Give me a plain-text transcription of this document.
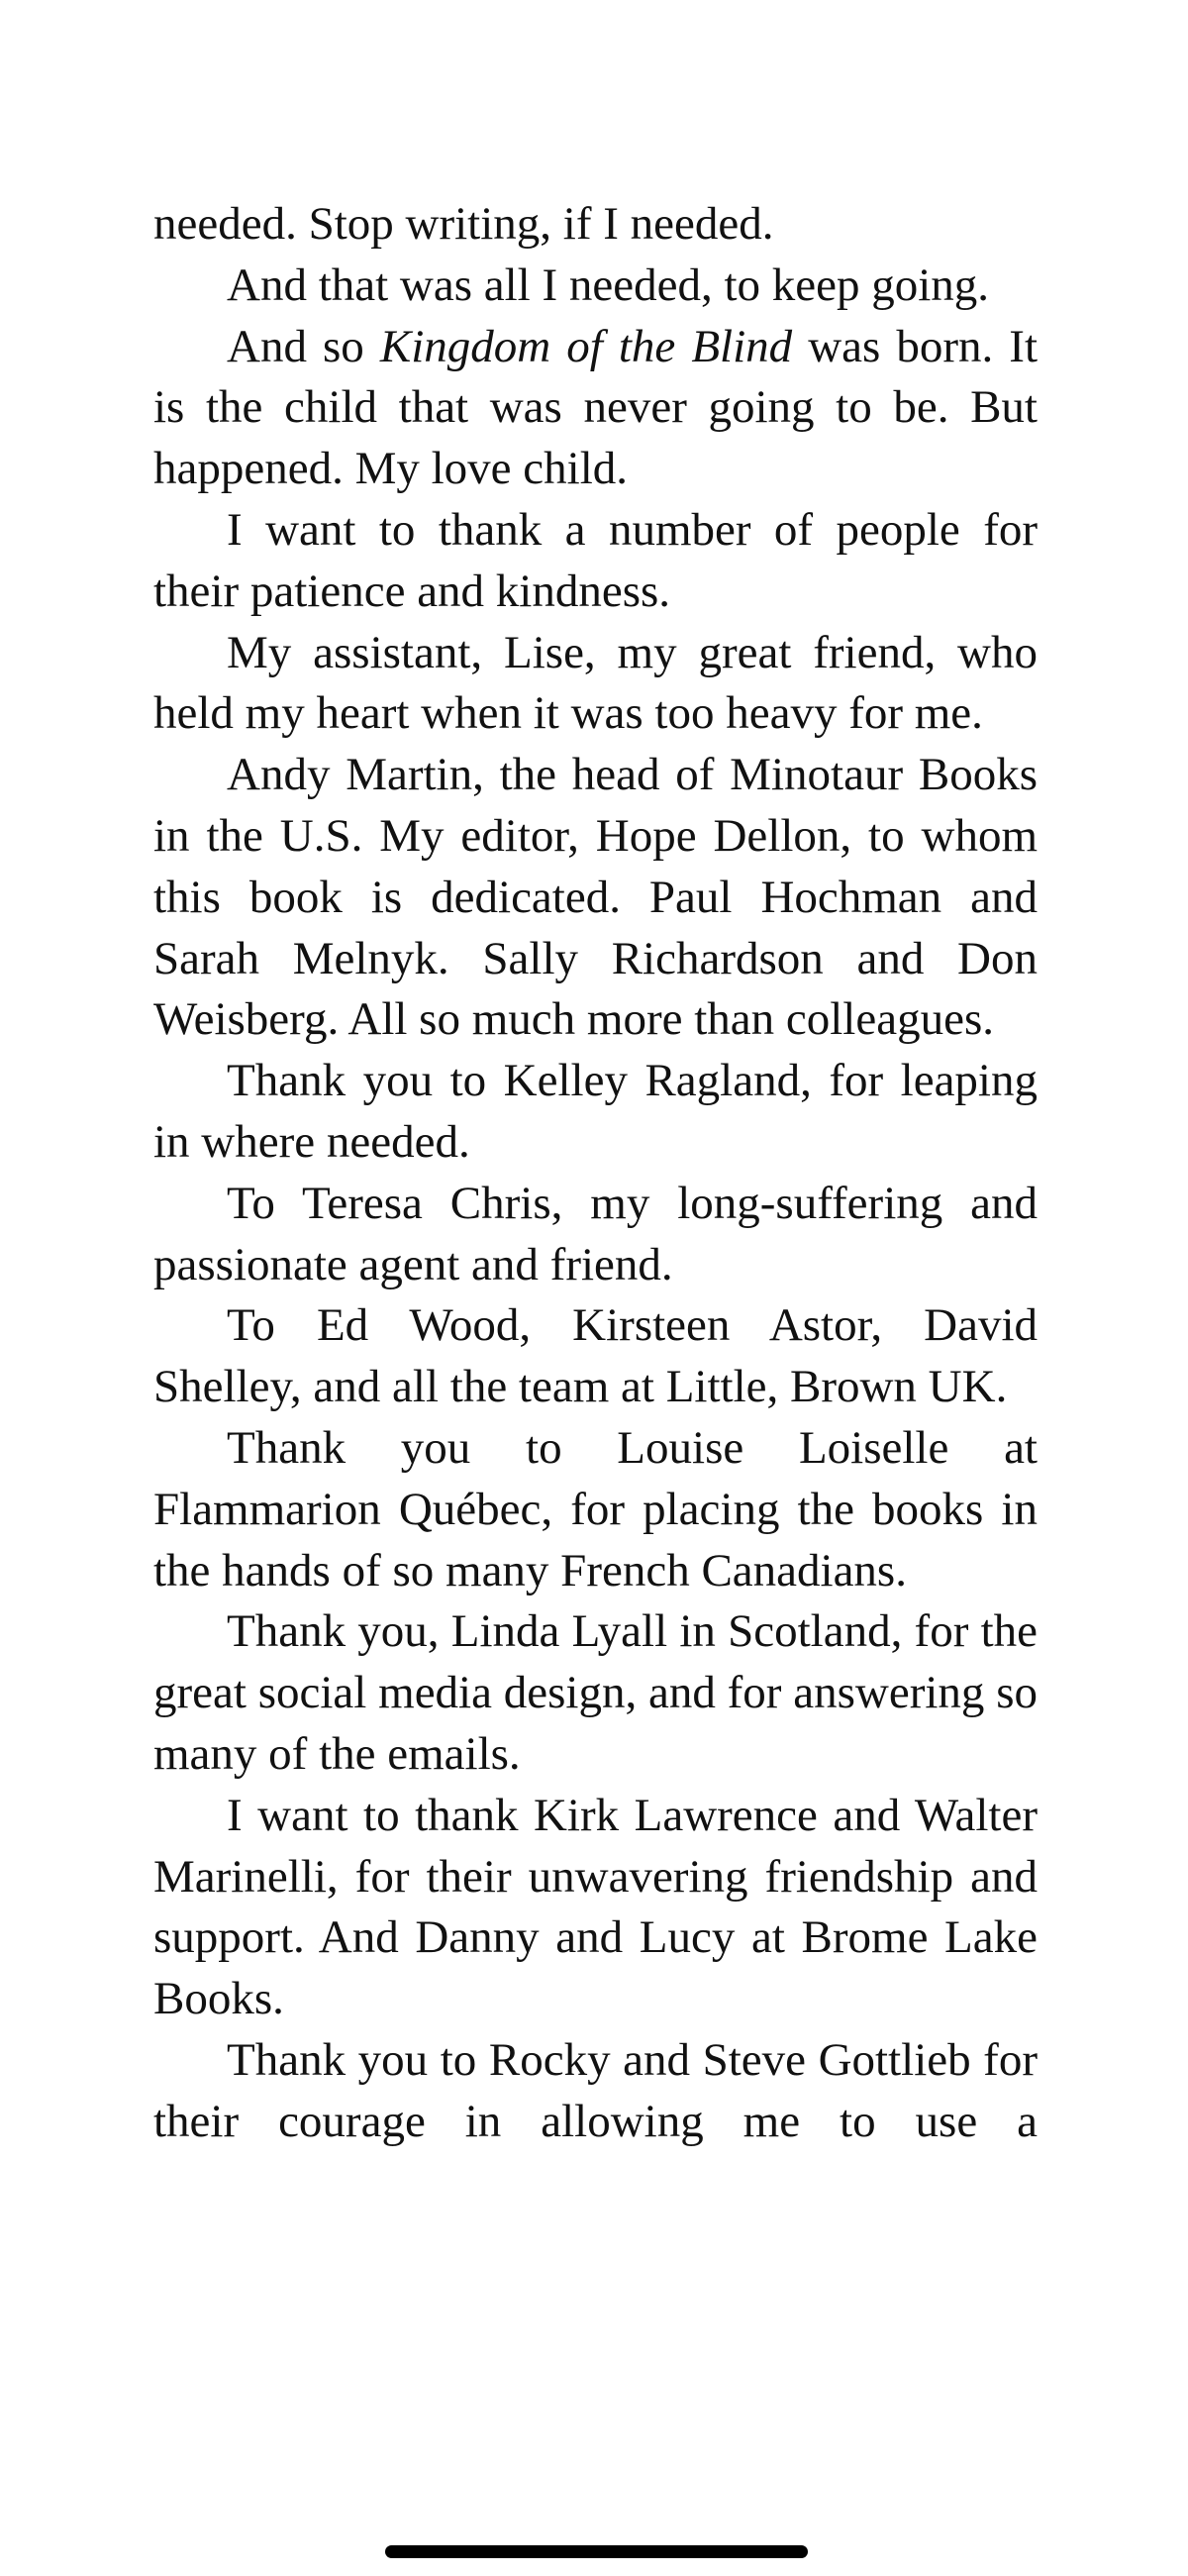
needed. Stop writing, if I needed.

And that was all I needed, to keep going.

And so Kingdom of the Blind was born. It is the child that was never going to be. But happened. My love child.

I want to thank a number of people for their patience and kindness.

My assistant, Lise, my great friend, who held my heart when it was too heavy for me.

Andy Martin, the head of Minotaur Books in the U.S. My editor, Hope Dellon, to whom this book is dedicated. Paul Hochman and Sarah Melnyk. Sally Richardson and Don Weisberg. All so much more than colleagues.

Thank you to Kelley Ragland, for leaping in where needed.

To Teresa Chris, my long-suffering and passionate agent and friend.

To Ed Wood, Kirsteen Astor, David Shelley, and all the team at Little, Brown UK.

Thank you to Louise Loiselle at Flammarion Québec, for placing the books in the hands of so many French Canadians.

Thank you, Linda Lyall in Scotland, for the great social media design, and for answering so many of the emails.

I want to thank Kirk Lawrence and Walter Marinelli, for their unwavering friendship and support. And Danny and Lucy at Brome Lake Books.

Thank you to Rocky and Steve Gottlieb for their courage in allowing me to use a
